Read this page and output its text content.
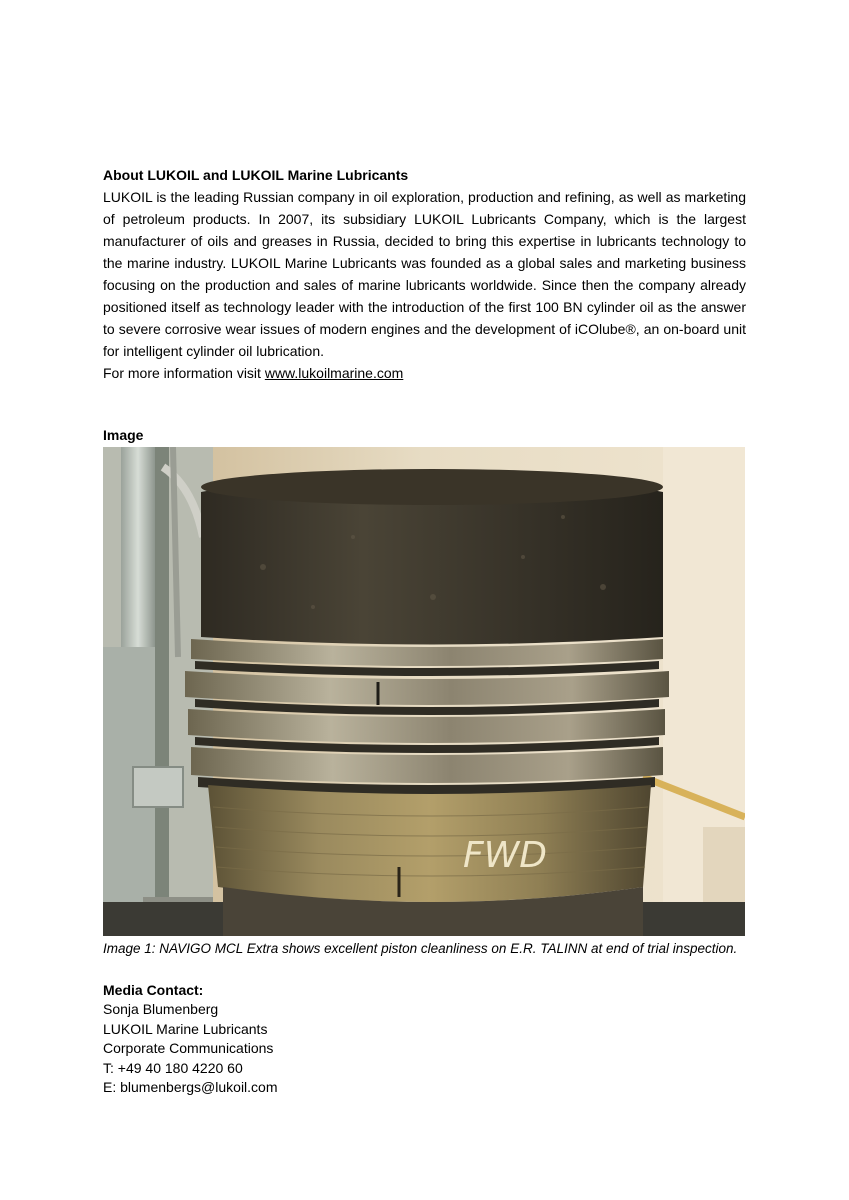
About LUKOIL and LUKOIL Marine Lubricants

LUKOIL is the leading Russian company in oil exploration, production and refining, as well as marketing of petroleum products. In 2007, its subsidiary LUKOIL Lubricants Company, which is the largest manufacturer of oils and greases in Russia, decided to bring this expertise in lubricants technology to the marine industry. LUKOIL Marine Lubricants was founded as a global sales and marketing business focusing on the production and sales of marine lubricants worldwide. Since then the company already positioned itself as technology leader with the introduction of the first 100 BN cylinder oil as the answer to severe corrosive wear issues of modern engines and the development of iCOlube®, an on-board unit for intelligent cylinder oil lubrication.

For more information visit www.lukoilmarine.com

Image
FWD
Image 1: NAVIGO MCL Extra shows excellent piston cleanliness on E.R. TALINN at end of trial inspection.

Media Contact:

Sonja Blumenberg

LUKOIL Marine Lubricants

Corporate Communications

T: +49 40 180 4220 60

E: blumenbergs@lukoil.com
